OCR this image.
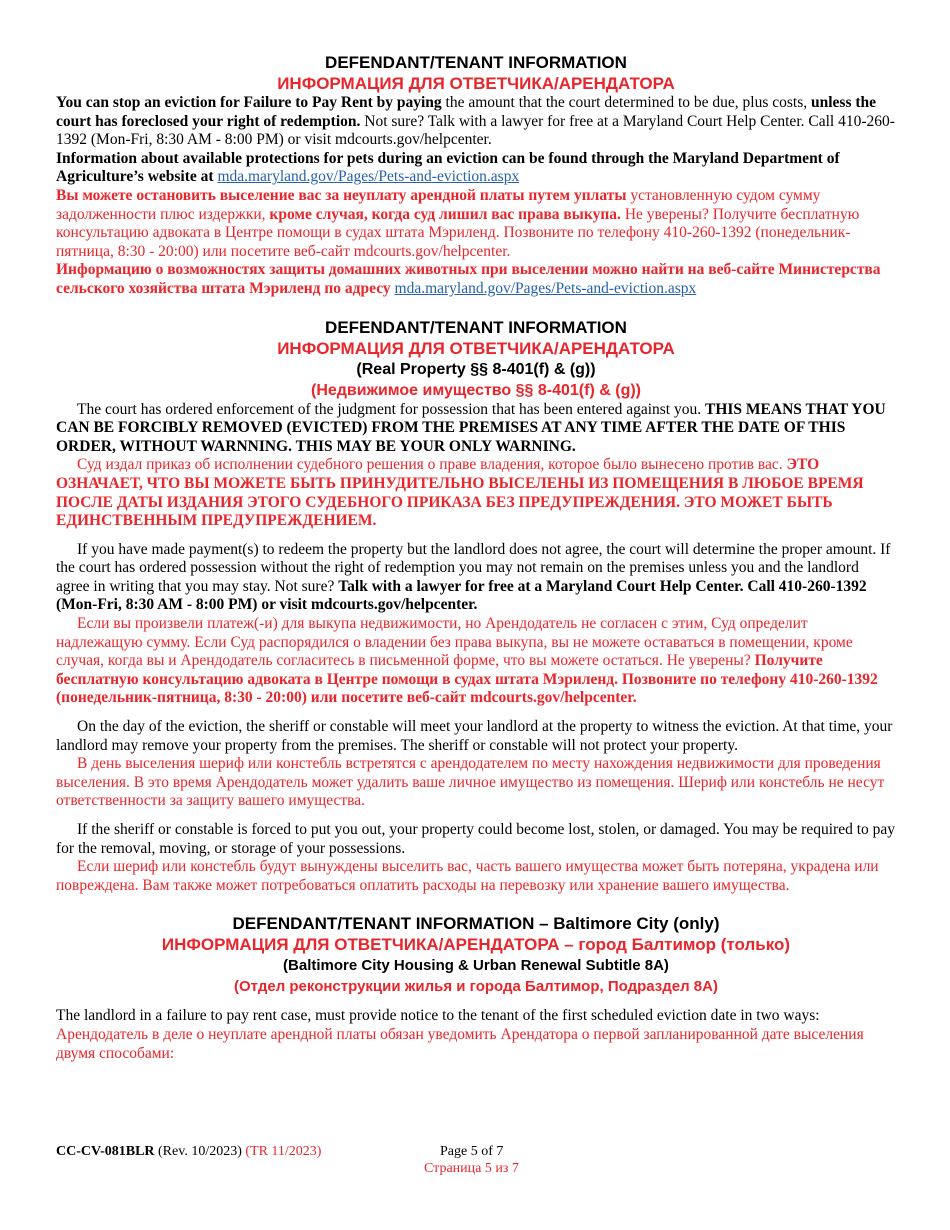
DEFENDANT/TENANT INFORMATION
ИНФОРМАЦИЯ ДЛЯ ОТВЕТЧИКА/АРЕНДАТОРА

You can stop an eviction for Failure to Pay Rent by paying the amount that the court determined to be due, plus costs, unless the court has foreclosed your right of redemption. Not sure? Talk with a lawyer for free at a Maryland Court Help Center. Call 410-260-1392 (Mon-Fri, 8:30 AM - 8:00 PM) or visit mdcourts.gov/helpcenter.

Information about available protections for pets during an eviction can be found through the Maryland Department of Agriculture’s website at mda.maryland.gov/Pages/Pets-and-eviction.aspx

Вы можете остановить выселение вас за неуплату арендной платы путем уплаты установленную судом сумму задолженности плюс издержки, кроме случая, когда суд лишил вас права выкупа. Не уверены? Получите бесплатную консультацию адвоката в Центре помощи в судах штата Мэриленд. Позвоните по телефону 410-260-1392 (понедельник-пятница, 8:30 - 20:00) или посетите веб-сайт mdcourts.gov/helpcenter.

Информацию о возможностях защиты домашних животных при выселении можно найти на веб-сайте Министерства сельского хозяйства штата Мэриленд по адресу mda.maryland.gov/Pages/Pets-and-eviction.aspx

DEFENDANT/TENANT INFORMATION
ИНФОРМАЦИЯ ДЛЯ ОТВЕТЧИКА/АРЕНДАТОРА
(Real Property §§ 8-401(f) & (g))
(Недвижимое имущество §§ 8-401(f) & (g))

The court has ordered enforcement of the judgment for possession that has been entered against you. THIS MEANS THAT YOU CAN BE FORCIBLY REMOVED (EVICTED) FROM THE PREMISES AT ANY TIME AFTER THE DATE OF THIS ORDER, WITHOUT WARNNING. THIS MAY BE YOUR ONLY WARNING.

Суд издал приказ об исполнении судебного решения о праве владения, которое было вынесено против вас. ЭТО ОЗНАЧАЕТ, ЧТО ВЫ МОЖЕТЕ БЫТЬ ПРИНУДИТЕЛЬНО ВЫСЕЛЕНЫ ИЗ ПОМЕЩЕНИЯ В ЛЮБОЕ ВРЕМЯ ПОСЛЕ ДАТЫ ИЗДАНИЯ ЭТОГО СУДЕБНОГО ПРИКАЗА БЕЗ ПРЕДУПРЕЖДЕНИЯ. ЭТО МОЖЕТ БЫТЬ ЕДИНСТВЕННЫМ ПРЕДУПРЕЖДЕНИЕМ.

If you have made payment(s) to redeem the property but the landlord does not agree, the court will determine the proper amount. If the court has ordered possession without the right of redemption you may not remain on the premises unless you and the landlord agree in writing that you may stay. Not sure? Talk with a lawyer for free at a Maryland Court Help Center. Call 410-260-1392 (Mon-Fri, 8:30 AM - 8:00 PM) or visit mdcourts.gov/helpcenter.

Если вы произвели платеж(-и) для выкупа недвижимости, но Арендодатель не согласен с этим, Суд определит надлежащую сумму. Если Суд распорядился о владении без права выкупа, вы не можете оставаться в помещении, кроме случая, когда вы и Арендодатель согласитесь в письменной форме, что вы можете остаться. Не уверены? Получите бесплатную консультацию адвоката в Центре помощи в судах штата Мэриленд. Позвоните по телефону 410-260-1392 (понедельник-пятница, 8:30 - 20:00) или посетите веб-сайт mdcourts.gov/helpcenter.

On the day of the eviction, the sheriff or constable will meet your landlord at the property to witness the eviction. At that time, your landlord may remove your property from the premises. The sheriff or constable will not protect your property.

В день выселения шериф или констебль встретятся с арендодателем по месту нахождения недвижимости для проведения выселения. В это время Арендодатель может удалить ваше личное имущество из помещения. Шериф или констебль не несут ответственности за защиту вашего имущества.

If the sheriff or constable is forced to put you out, your property could become lost, stolen, or damaged. You may be required to pay for the removal, moving, or storage of your possessions.

Если шериф или констебль будут вынуждены выселить вас, часть вашего имущества может быть потеряна, украдена или повреждена. Вам также может потребоваться оплатить расходы на перевозку или хранение вашего имущества.

DEFENDANT/TENANT INFORMATION – Baltimore City (only)
ИНФОРМАЦИЯ ДЛЯ ОТВЕТЧИКА/АРЕНДАТОРА – город Балтимор (только)
(Baltimore City Housing & Urban Renewal Subtitle 8A)
(Отдел реконструкции жилья и города Балтимор, Подраздел 8А)

The landlord in a failure to pay rent case, must provide notice to the tenant of the first scheduled eviction date in two ways:

Арендодатель в деле о неуплате арендной платы обязан уведомить Арендатора о первой запланированной дате выселения двумя способами:

CC-CV-081BLR (Rev. 10/2023) (TR 11/2023)	Page 5 of 7
Страница 5 из 7
